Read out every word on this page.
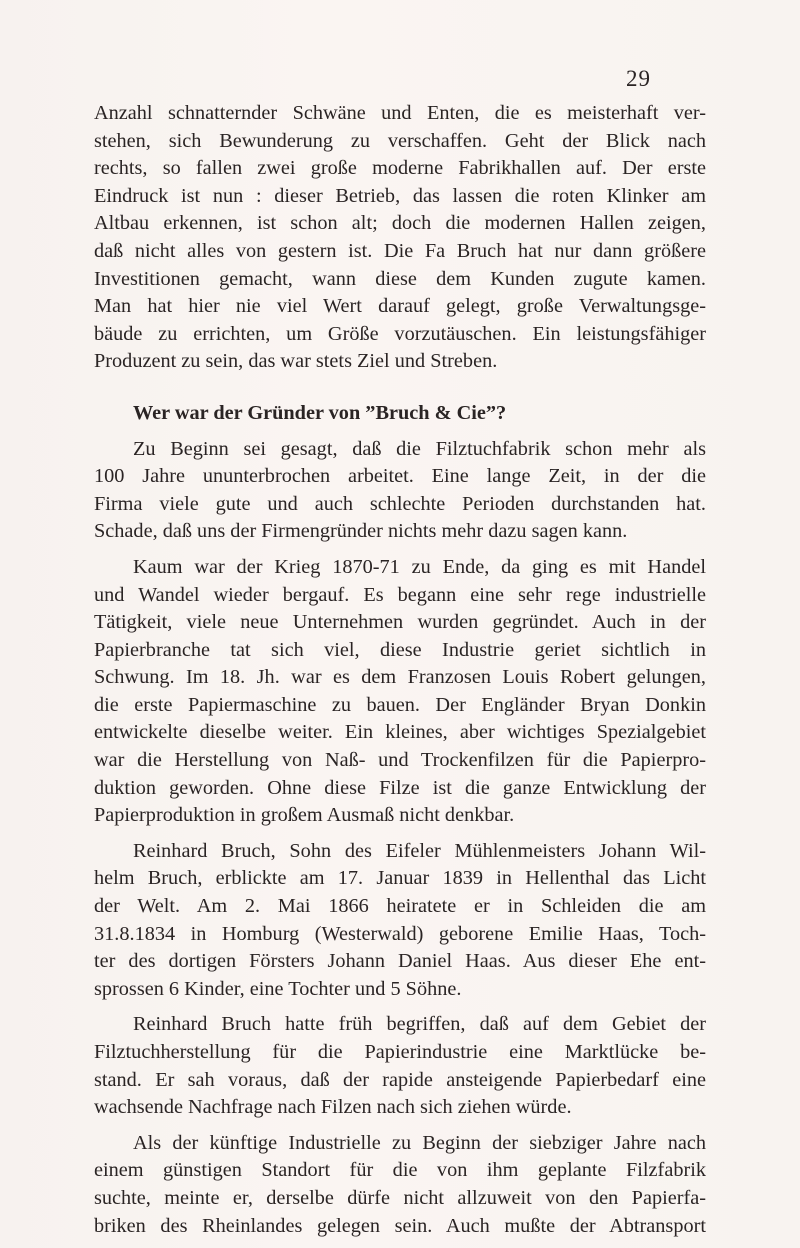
29
Anzahl schnatternder Schwäne und Enten, die es meisterhaft ver-
stehen, sich Bewunderung zu verschaffen. Geht der Blick nach
rechts, so fallen zwei große moderne Fabrikhallen auf. Der erste
Eindruck ist nun : dieser Betrieb, das lassen die roten Klinker am
Altbau erkennen, ist schon alt; doch die modernen Hallen zeigen,
daß nicht alles von gestern ist. Die Fa Bruch hat nur dann größere
Investitionen gemacht, wann diese dem Kunden zugute kamen.
Man hat hier nie viel Wert darauf gelegt, große Verwaltungsge-
bäude zu errichten, um Größe vorzutäuschen. Ein leistungsfähiger
Produzent zu sein, das war stets Ziel und Streben.
Wer war der Gründer von ”Bruch & Cie”?
Zu Beginn sei gesagt, daß die Filztuchfabrik schon mehr als
100 Jahre ununterbrochen arbeitet. Eine lange Zeit, in der die
Firma viele gute und auch schlechte Perioden durchstanden hat.
Schade, daß uns der Firmengründer nichts mehr dazu sagen kann.
Kaum war der Krieg 1870-71 zu Ende, da ging es mit Handel
und Wandel wieder bergauf. Es begann eine sehr rege industrielle
Tätigkeit, viele neue Unternehmen wurden gegründet. Auch in der
Papierbranche tat sich viel, diese Industrie geriet sichtlich in
Schwung. Im 18. Jh. war es dem Franzosen Louis Robert gelungen,
die erste Papiermaschine zu bauen. Der Engländer Bryan Donkin
entwickelte dieselbe weiter. Ein kleines, aber wichtiges Spezialgebiet
war die Herstellung von Naß- und Trockenfilzen für die Papierpro-
duktion geworden. Ohne diese Filze ist die ganze Entwicklung der
Papierproduktion in großem Ausmaß nicht denkbar.
Reinhard Bruch, Sohn des Eifeler Mühlenmeisters Johann Wil-
helm Bruch, erblickte am 17. Januar 1839 in Hellenthal das Licht
der Welt. Am 2. Mai 1866 heiratete er in Schleiden die am
31.8.1834 in Homburg (Westerwald) geborene Emilie Haas, Toch-
ter des dortigen Försters Johann Daniel Haas. Aus dieser Ehe ent-
sprossen 6 Kinder, eine Tochter und 5 Söhne.
Reinhard Bruch hatte früh begriffen, daß auf dem Gebiet der
Filztuchherstellung für die Papierindustrie eine Marktlücke be-
stand. Er sah voraus, daß der rapide ansteigende Papierbedarf eine
wachsende Nachfrage nach Filzen nach sich ziehen würde.
Als der künftige Industrielle zu Beginn der siebziger Jahre nach
einem günstigen Standort für die von ihm geplante Filzfabrik
suchte, meinte er, derselbe dürfe nicht allzuweit von den Papierfa-
briken des Rheinlandes gelegen sein. Auch mußte der Abtransport
